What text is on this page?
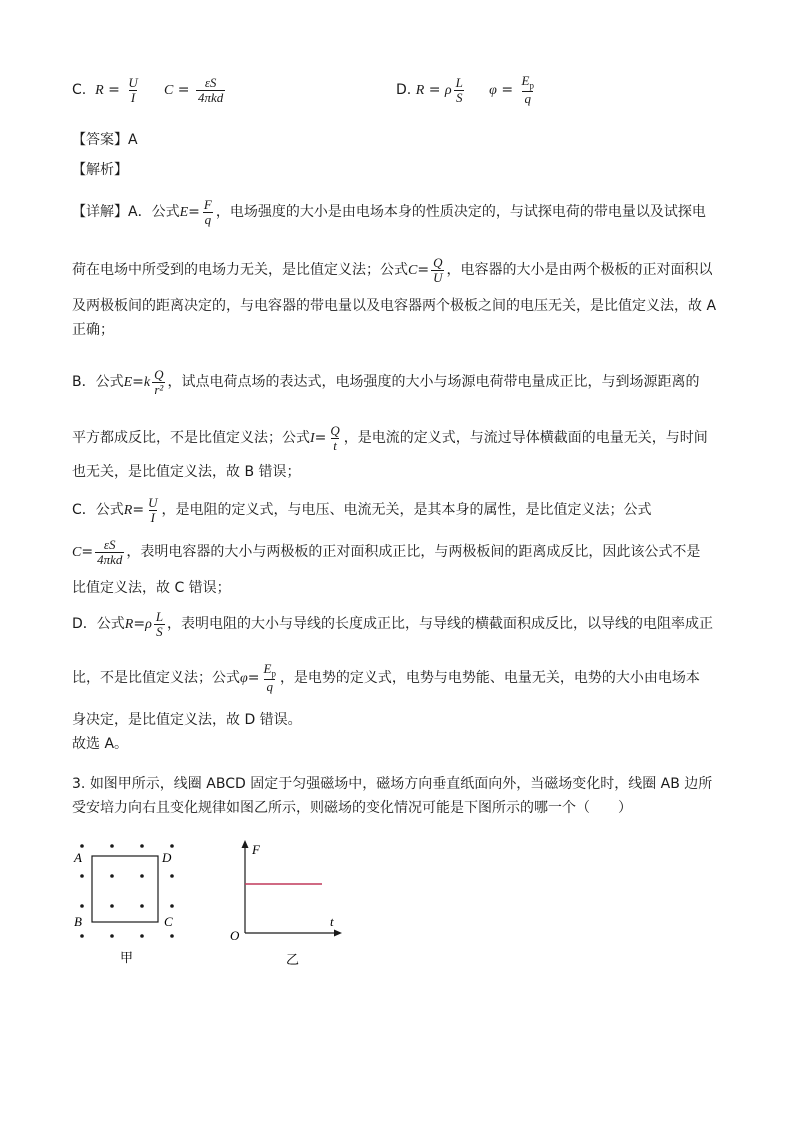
C. $R = \frac{U}{I}$ $C = \frac{\varepsilon S}{\text{4πkd}}$	D. R = ρ $\frac{L}{S}$ $\varphi = \frac{E_p}{q}$
【答案】A
【解析】
【详解】A．公式$E= \frac{F}{q}$ ，电场强度的大小是由电场本身的性质决定的，与试探电荷的带电量以及试探电
荷在电场中所受到的电场力无关，是比值定义法；公式$C= \frac{Q}{U}$ ，电容器的大小是由两个极板的正对面积以
及两极板间的距离决定的，与电容器的带电量以及电容器两个极板之间的电压无关，是比值定义法，故 A
正确；
B．公式$E=k \frac{Q}{\text{r²}}$ ，试点电荷点场的表达式，电场强度的大小与场源电荷带电量成正比，与到场源距离的
平方都成反比，不是比值定义法；公式$I= \frac{Q}{t}$ ，是电流的定义式，与流过导体横截面的电量无关，与时间
也无关，是比值定义法，故 B 错误；
C．公式$R= \frac{U}{I}$ ，是电阻的定义式，与电压、电流无关，是其本身的属性，是比值定义法；公式
$C= \frac{\varepsilon S}{\text{4πkd}}$ ，表明电容器的大小与两极板的正对面积成正比，与两极板间的距离成反比，因此该公式不是
比值定义法，故 C 错误；
D．公式$R=\rho \frac{L}{S}$ ，表明电阻的大小与导线的长度成正比，与导线的横截面积成反比，以导线的电阻率成正
比，不是比值定义法；公式$\varphi= \frac{E_p}{q}$ ，是电势的定义式，电势与电势能、电量无关，电势的大小由电场本
身决定，是比值定义法，故 D 错误。
故选 A。
3. 如图甲所示，线圈 ABCD 固定于匀强磁场中，磁场方向垂直纸面向外，当磁场变化时，线圈 AB 边所
受安培力向右且变化规律如图乙所示，则磁场的变化情况可能是下图所示的哪一个（　　）
A	D
B	C
甲
F
t
O
乙
